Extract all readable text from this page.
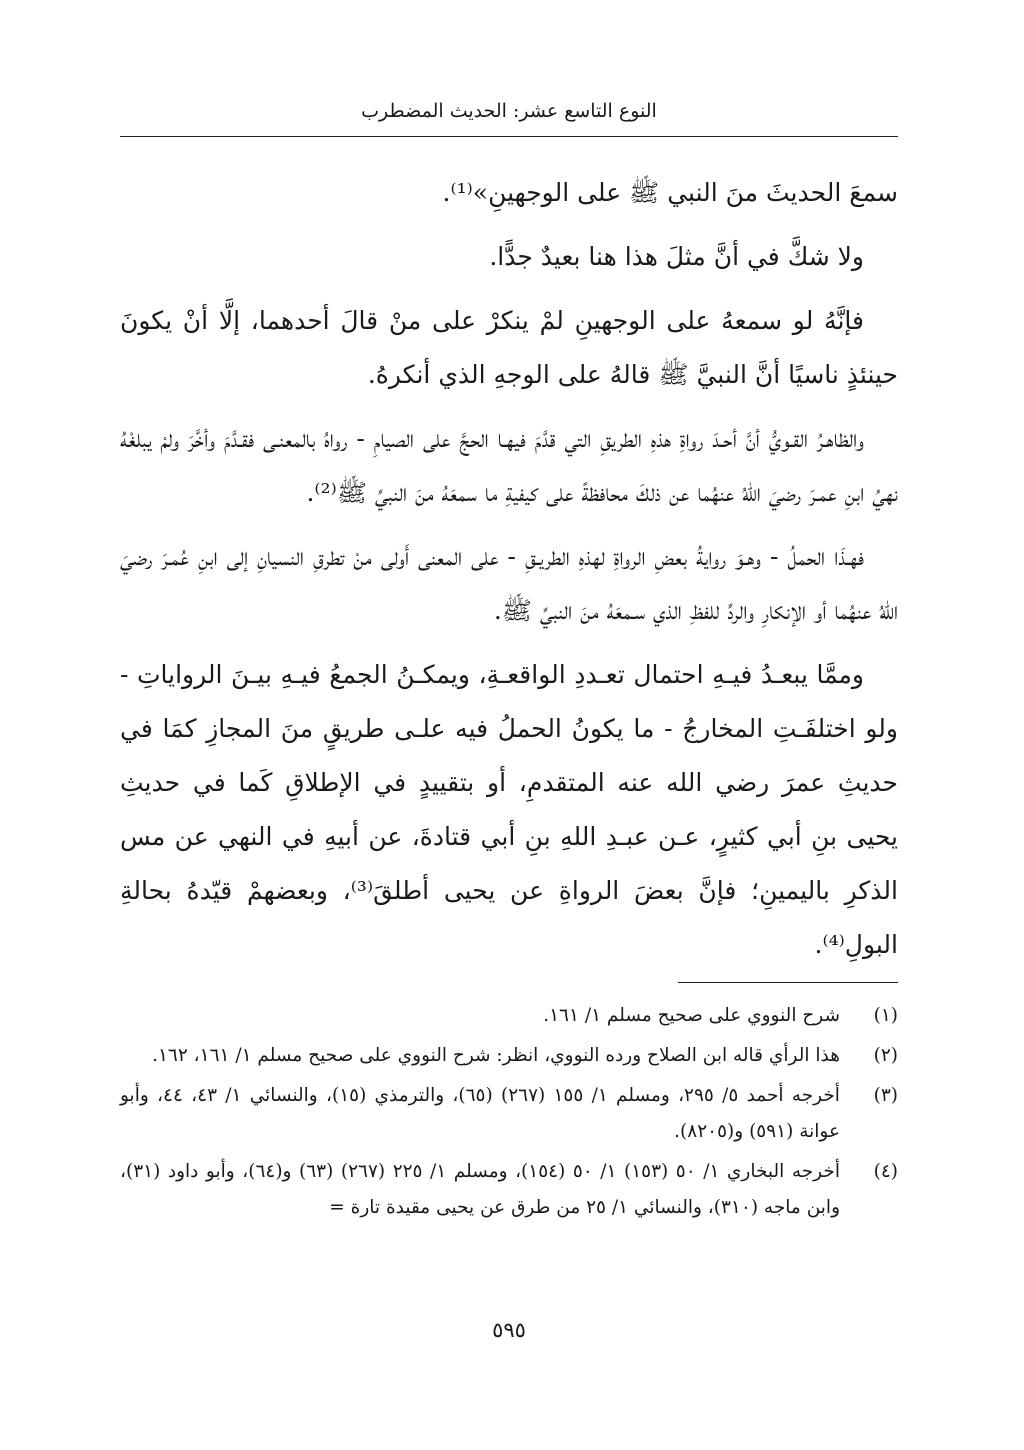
النوع التاسع عشر: الحديث المضطرب

سمعَ الحديثَ منَ النبي ﷺ على الوجهينِ»⁽¹⁾.

ولا شكَّ في أنَّ مثلَ هذا هنا بعيدٌ جدًّا.

فإنَّهُ لو سمعهُ على الوجهينِ لمْ ينكرْ على منْ قالَ أحدهما، إلَّا أنْ يكونَ حينئذٍ ناسيًا أنَّ النبيَّ ﷺ قالهُ على الوجهِ الذي أنكرهُ.

والظاهـرُ القـويُّ أنَّ أحـدَ رواةِ هذهِ الطريقِ التي قدَّمَ فيهـا الحجَّ على الصيامِ - رواهُ بالمعنـى فقـدَّمَ وأخَّرَ ولمْ يبلغْهُ نهيُ ابنِ عمـرَ رضيَ اللهُ عنهُما عن ذلكَ محافظةً على كيفيةِ ما سمعَهُ منَ النبيِّ ﷺ⁽²⁾.

فهـذَا الحملُ - وهـوَ روايةُ بعضِ الرواةِ لهذهِ الطريـقِ - على المعنى أَولى منْ تطرقِ النسيانِ إلى ابنِ عُمـرَ رضيَ اللهُ عنهُما أو الإنكارِ والردِّ للفظِ الذي سـمعَهُ منَ النبيِّ ﷺ.

وممَّا يبعـدُ فيـهِ احتمال تعـددِ الواقعـةِ، ويمكـنُ الجمعُ فيـهِ بيـنَ الرواياتِ - ولو اختلفَـتِ المخارجُ - ما يكونُ الحملُ فيه علـى طريقٍ منَ المجازِ كمَا في حديثِ عمرَ رضي الله عنه المتقدمِ، أو بتقييدٍ في الإطلاقِ كَما في حديثِ يحيى بنِ أبي كثيرٍ، عـن عبـدِ اللهِ بنِ أبي قتادةَ، عن أبيهِ في النهي عن مس الذكرِ باليمينِ؛ فإنَّ بعضَ الرواةِ عن يحيى أطلقَ⁽³⁾، وبعضهمْ قيّدهُ بحالةِ البولِ⁽⁴⁾.

(١)
شرح النووي على صحيح مسلم ١/ ١٦١.
(٢)
هذا الرأي قاله ابن الصلاح ورده النووي، انظر: شرح النووي على صحيح مسلم ١/ ١٦١، ١٦٢.
(٣)
أخرجه أحمد ٥/ ٢٩٥، ومسلم ١/ ١٥٥ (٢٦٧) (٦٥)، والترمذي (١٥)، والنسائي ١/ ٤٣، ٤٤، وأبو عوانة (٥٩١) و(٨٢٠٥).
(٤)
أخرجه البخاري ١/ ٥٠ (١٥٣) ١/ ٥٠ (١٥٤)، ومسلم ١/ ٢٢٥ (٢٦٧) (٦٣) و(٦٤)، وأبو داود (٣١)، وابن ماجه (٣١٠)، والنسائي ١/ ٢٥ من طرق عن يحيى مقيدة تارة =
٥٩٥
